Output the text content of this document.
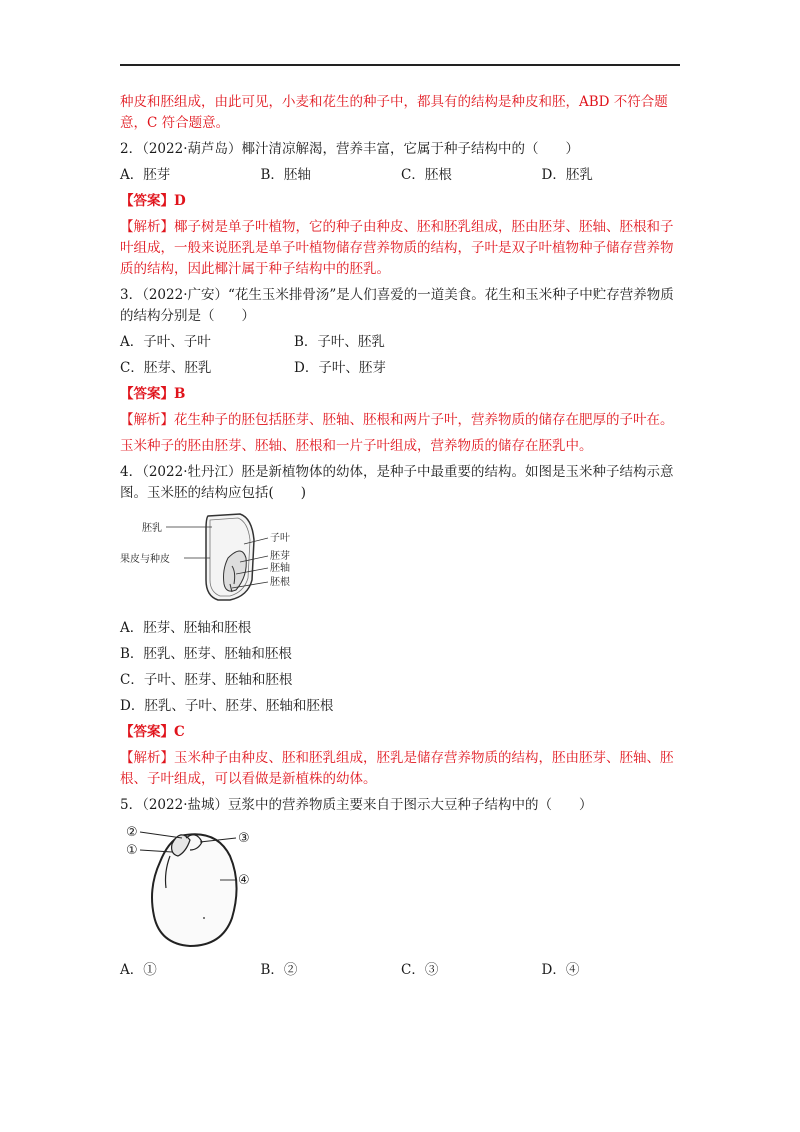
种皮和胚组成，由此可见，小麦和花生的种子中，都具有的结构是种皮和胚，ABD 不符合题意，C 符合题意。

2．（2022·葫芦岛）椰汁清凉解渴，营养丰富，它属于种子结构中的（　　）

A．胚芽	B．胚轴	C．胚根	D．胚乳

【答案】D

【解析】椰子树是单子叶植物，它的种子由种皮、胚和胚乳组成，胚由胚芽、胚轴、胚根和子叶组成，一般来说胚乳是单子叶植物储存营养物质的结构，子叶是双子叶植物种子储存营养物质的结构，因此椰汁属于种子结构中的胚乳。

3．（2022·广安）“花生玉米排骨汤”是人们喜爱的一道美食。花生和玉米种子中贮存营养物质的结构分别是（　　）

A．子叶、子叶	B．子叶、胚乳
C．胚芽、胚乳	D．子叶、胚芽

【答案】B

【解析】花生种子的胚包括胚芽、胚轴、胚根和两片子叶，营养物质的储存在肥厚的子叶在。

玉米种子的胚由胚芽、胚轴、胚根和一片子叶组成，营养物质的储存在胚乳中。

4．（2022·牡丹江）胚是新植物体的幼体，是种子中最重要的结构。如图是玉米种子结构示意图。玉米胚的结构应包括(　　)

胚乳
果皮与种皮
子叶
胚芽
胚轴
胚根

A．胚芽、胚轴和胚根

B．胚乳、胚芽、胚轴和胚根

C．子叶、胚芽、胚轴和胚根

D．胚乳、子叶、胚芽、胚轴和胚根

【答案】C

【解析】玉米种子由种皮、胚和胚乳组成，胚乳是储存营养物质的结构，胚由胚芽、胚轴、胚根、子叶组成，可以看做是新植株的幼体。

5．（2022·盐城）豆浆中的营养物质主要来自于图示大豆种子结构中的（　　）

②
①
③
④
A．①	B．②	C．③	D．④
